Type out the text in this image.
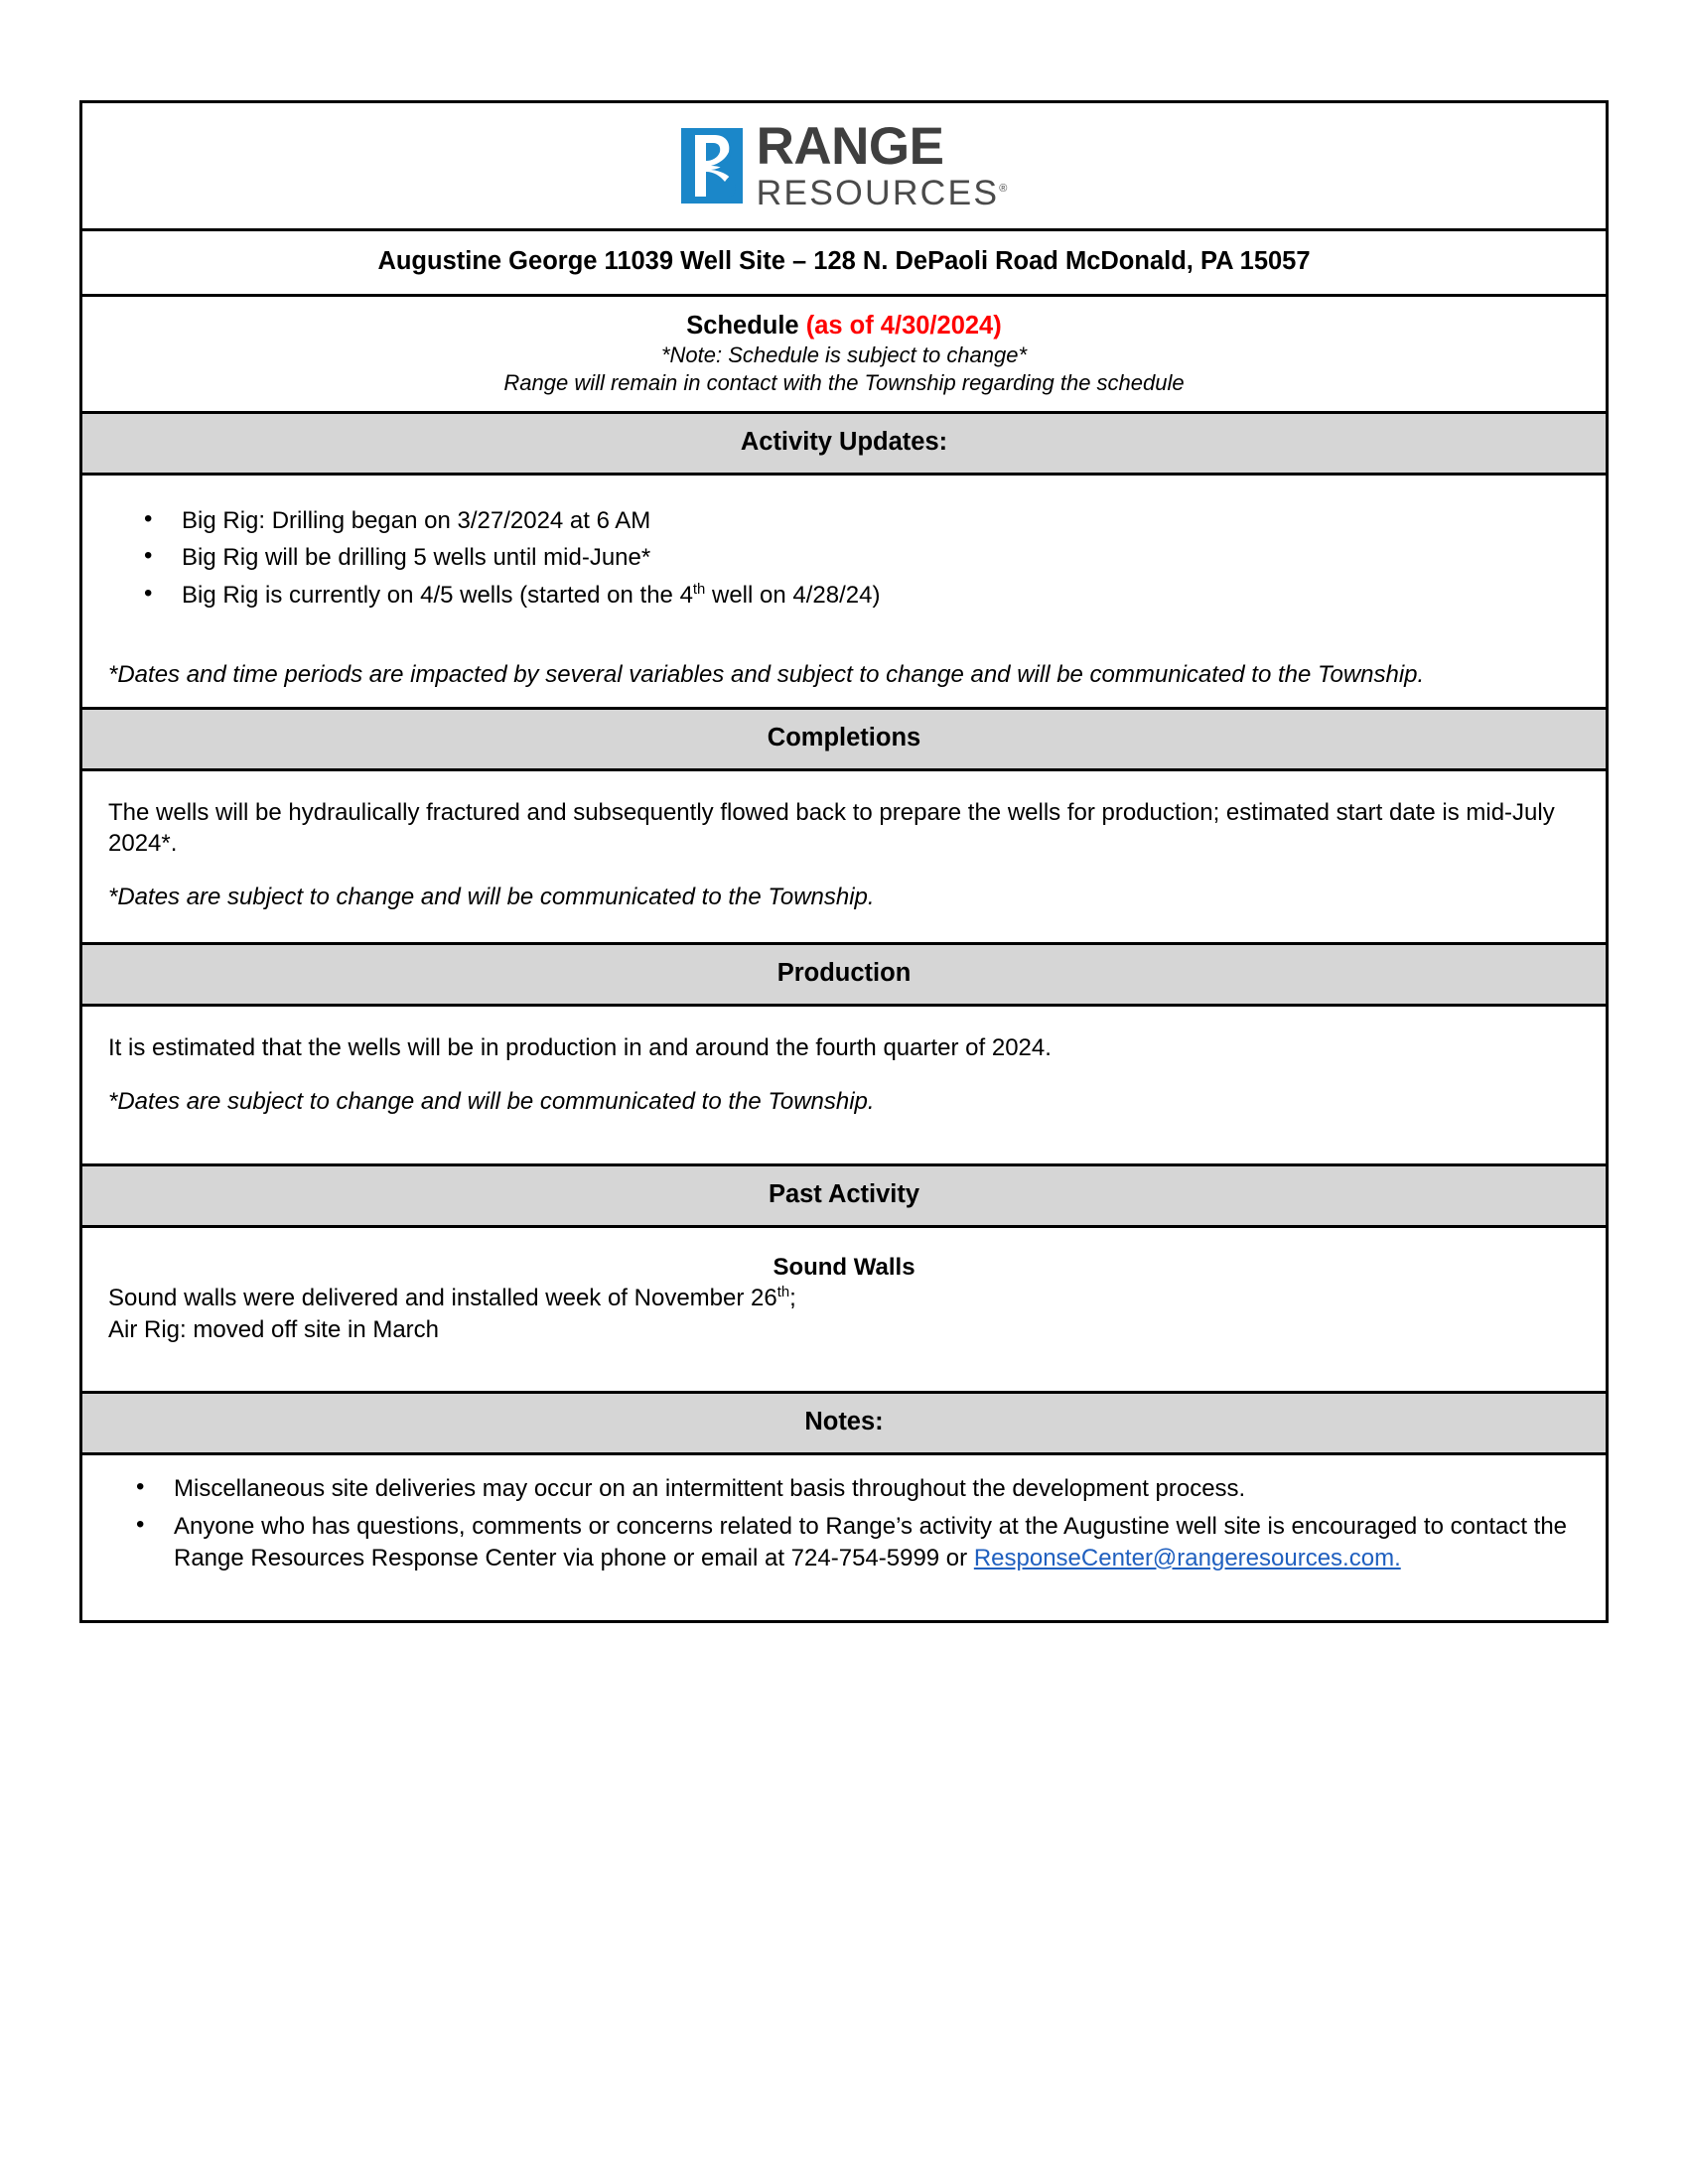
RANGE
RESOURCES®
Augustine George 11039 Well Site – 128 N. DePaoli Road McDonald, PA 15057
Schedule (as of 4/30/2024)
*Note: Schedule is subject to change*
Range will remain in contact with the Township regarding the schedule
Activity Updates:
• Big Rig: Drilling began on 3/27/2024 at 6 AM
• Big Rig will be drilling 5 wells until mid-June*
• Big Rig is currently on 4/5 wells (started on the 4th well on 4/28/24)
*Dates and time periods are impacted by several variables and subject to change and will be communicated to the Township.
Completions
The wells will be hydraulically fractured and subsequently flowed back to prepare the wells for production; estimated start date is mid-July 2024*.
*Dates are subject to change and will be communicated to the Township.
Production
It is estimated that the wells will be in production in and around the fourth quarter of 2024.
*Dates are subject to change and will be communicated to the Township.
Past Activity
Sound Walls
Sound walls were delivered and installed week of November 26th;
Air Rig: moved off site in March
Notes:
• Miscellaneous site deliveries may occur on an intermittent basis throughout the development process.
• Anyone who has questions, comments or concerns related to Range’s activity at the Augustine well site is encouraged to contact the Range Resources Response Center via phone or email at 724-754-5999 or ResponseCenter@rangeresources.com.
